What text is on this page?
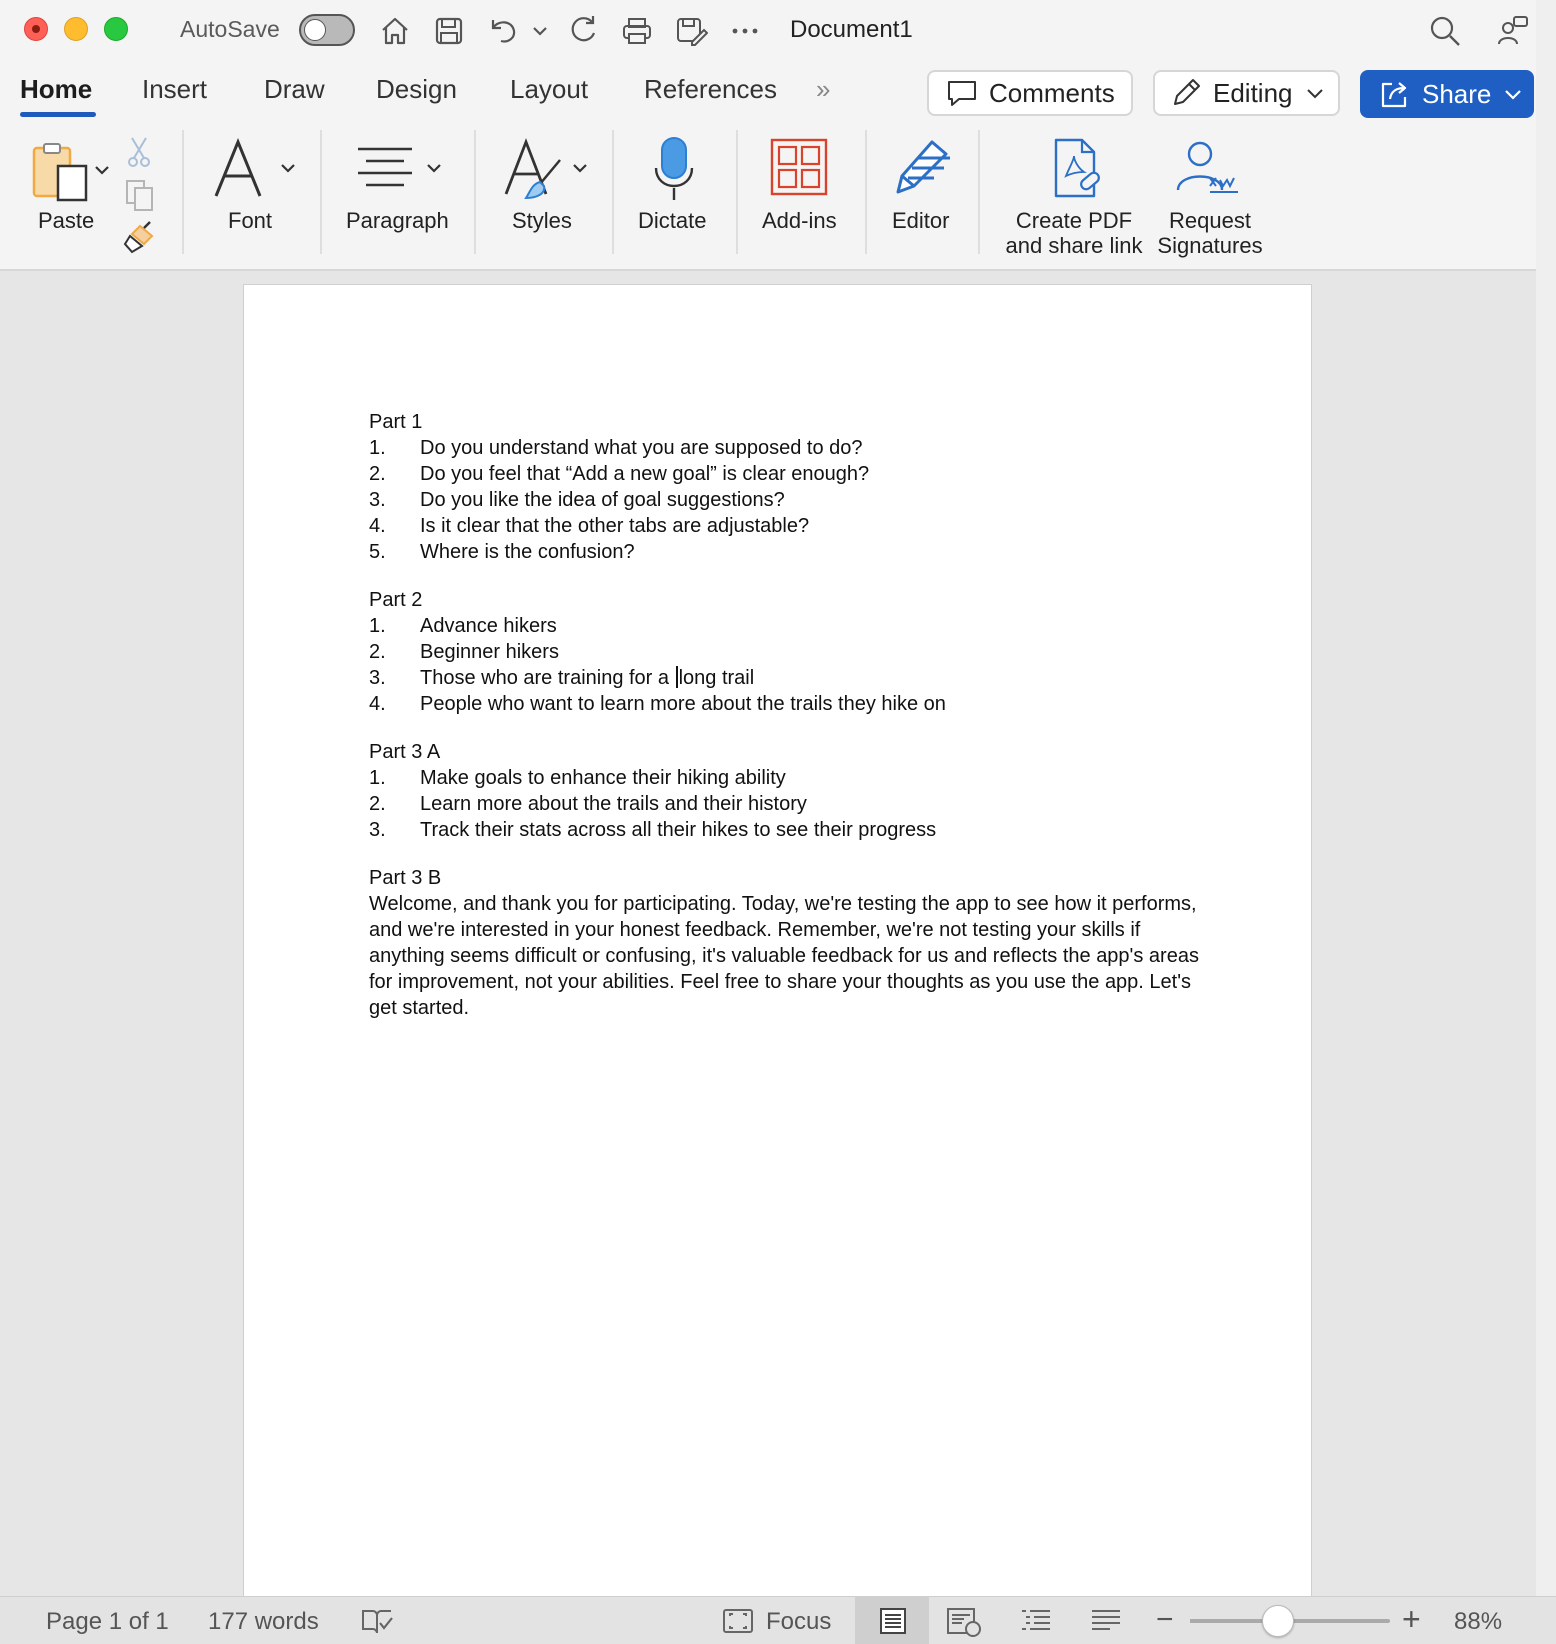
AutoSave	Document1
Home Insert Draw Design Layout References »	Comments	Editing	Share
Paste	Font	Paragraph	Styles	Dictate	Add-ins	Editor	Create PDF
and share link
Request
Signatures
Part 1
1.	Do you understand what you are supposed to do?
2.	Do you feel that “Add a new goal” is clear enough?
3.	Do you like the idea of goal suggestions?
4.	Is it clear that the other tabs are adjustable?
5.	Where is the confusion?
Part 2
1.	Advance hikers
2.	Beginner hikers
3.	Those who are training for a long trail
4.	People who want to learn more about the trails they hike on
Part 3 A
1.	Make goals to enhance their hiking ability
2.	Learn more about the trails and their history
3.	Track their stats across all their hikes to see their progress
Part 3 B
Welcome, and thank you for participating. Today, we're testing the app to see how it performs, and we're interested in your honest feedback. Remember, we're not testing your skills if anything seems difficult or confusing, it's valuable feedback for us and reflects the app's areas for improvement, not your abilities. Feel free to share your thoughts as you use the app. Let's get started.
Page 1 of 1 177 words	Focus	−	+ 88%
